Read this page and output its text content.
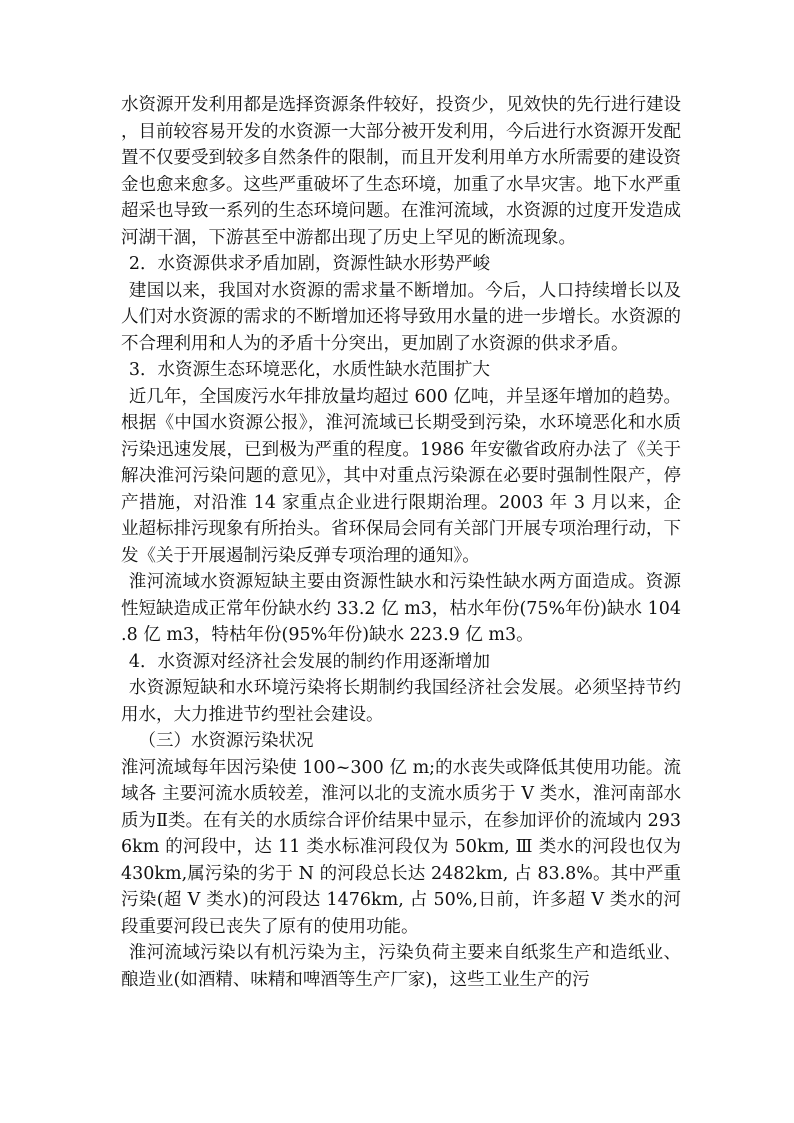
水资源开发利用都是选择资源条件较好，投资少，见效快的先行进行建设，目前较容易开发的水资源一大部分被开发利用，今后进行水资源开发配置不仅要受到较多自然条件的限制，而且开发利用单方水所需要的建设资金也愈来愈多。这些严重破坏了生态环境，加重了水旱灾害。地下水严重超采也导致一系列的生态环境问题。在淮河流域，水资源的过度开发造成河湖干涸，下游甚至中游都出现了历史上罕见的断流现象。

2．水资源供求矛盾加剧，资源性缺水形势严峻

建国以来，我国对水资源的需求量不断增加。今后，人口持续增长以及人们对水资源的需求的不断增加还将导致用水量的进一步增长。水资源的不合理利用和人为的矛盾十分突出，更加剧了水资源的供求矛盾。

3．水资源生态环境恶化，水质性缺水范围扩大

近几年，全国废污水年排放量均超过 600 亿吨，并呈逐年增加的趋势。根据《中国水资源公报》，淮河流域已长期受到污染，水环境恶化和水质污染迅速发展，已到极为严重的程度。1986 年安徽省政府办法了《关于解决淮河污染问题的意见》，其中对重点污染源在必要时强制性限产，停产措施，对沿淮 14 家重点企业进行限期治理。2003 年 3 月以来，企业超标排污现象有所抬头。省环保局会同有关部门开展专项治理行动，下发《关于开展遏制污染反弹专项治理的通知》。

淮河流域水资源短缺主要由资源性缺水和污染性缺水两方面造成。资源性短缺造成正常年份缺水约 33.2 亿 m3，枯水年份(75%年份)缺水 104.8 亿 m3，特枯年份(95%年份)缺水 223.9 亿 m3。

4．水资源对经济社会发展的制约作用逐渐增加

水资源短缺和水环境污染将长期制约我国经济社会发展。必须坚持节约用水，大力推进节约型社会建设。

（三）水资源污染状况

淮河流域每年因污染使 100~300 亿 m;的水丧失或降低其使用功能。流域各 主要河流水质较差，淮河以北的支流水质劣于 V 类水，淮河南部水质为Ⅱ类。在有关的水质综合评价结果中显示，在参加评价的流域内 2936km 的河段中，达 11 类水标准河段仅为 50km, Ⅲ 类水的河段也仅为 430km,属污染的劣于 N 的河段总长达 2482km, 占 83.8%。其中严重污染(超 V 类水)的河段达 1476km, 占 50%,日前，许多超 V 类水的河段重要河段已丧失了原有的使用功能。

淮河流域污染以有机污染为主，污染负荷主要来自纸浆生产和造纸业、酿造业(如酒精、味精和啤酒等生产厂家)，这些工业生产的污
